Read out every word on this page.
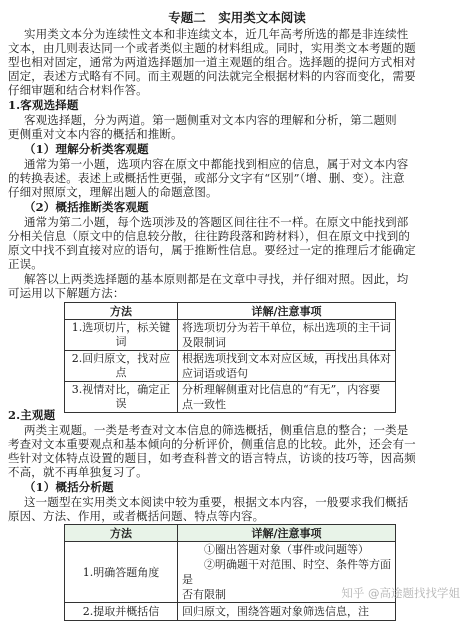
专题二　实用类文本阅读
实用类文本分为连续性文本和非连续文本，近几年高考所选的都是非连续性
文本，由几则表达同一个或者类似主题的材料组成。同时，实用类文本考题的题
型也相对固定，通常为两道选择题加一道主观题的组合。选择题的提问方式相对
固定，表述方式略有不同。而主观题的问法就完全根据材料的内容而变化，需要
仔细审题和结合材料作答。
1.客观选择题
客观选择题，分为两道。第一题侧重对文本内容的理解和分析，第二题则
更侧重对文本内容的概括和推断。
（1）理解分析类客观题
通常为第一小题，选项内容在原文中都能找到相应的信息，属于对文本内容
的转换表述。表述上或概括性更强，或部分文字有“区别”（增、删、变）。注意
仔细对照原文，理解出题人的命题意图。
（2）概括推断类客观题
通常为第二小题，每个选项涉及的答题区间往往不一样。在原文中能找到部
分相关信息（原文中的信息较分散，往往跨段落和跨材料），但在原文中找到的
原文中找不到直接对应的语句，属于推断性信息。要经过一定的推理后才能确定
正误。
解答以上两类选择题的基本原则都是在文章中寻找，并仔细对照。因此，均
可运用以下解题方法：
方法	详解/注意事项
1.选项切片，标关键
词	将选项切分为若干单位，标出选项的主干词
及限制词
2.回归原文，找对应
点	根据选项找到文本对应区域，再找出具体对
应词语或语句
3.视情对比，确定正
误	分析理解侧重对比信息的“有无”，内容要
点一致性
2.主观题
两类主观题。一类是考查对文本信息的筛选概括，侧重信息的整合；一类是
考查对文本重要观点和基本倾向的分析评价，侧重信息的比较。此外，还会有一
些针对文体特点设置的题目，如考查科普文的语言特点，访谈的技巧等，因高频
不高，就不再单独复习了。
（1）概括分析题
这一题型在实用类文本阅读中较为重要，根据文本内容，一般要求我们概括
原因、方法、作用，或者概括问题、特点等内容。
方法	详解/注意事项
1.明确答题角度	①圈出答题对象（事件或问题等）
②明确题干对范围、时空、条件等方面是
否有限制
2.提取并概括信	回归原文，围绕答题对象筛选信息，注
知乎 @高途题找找学姐
